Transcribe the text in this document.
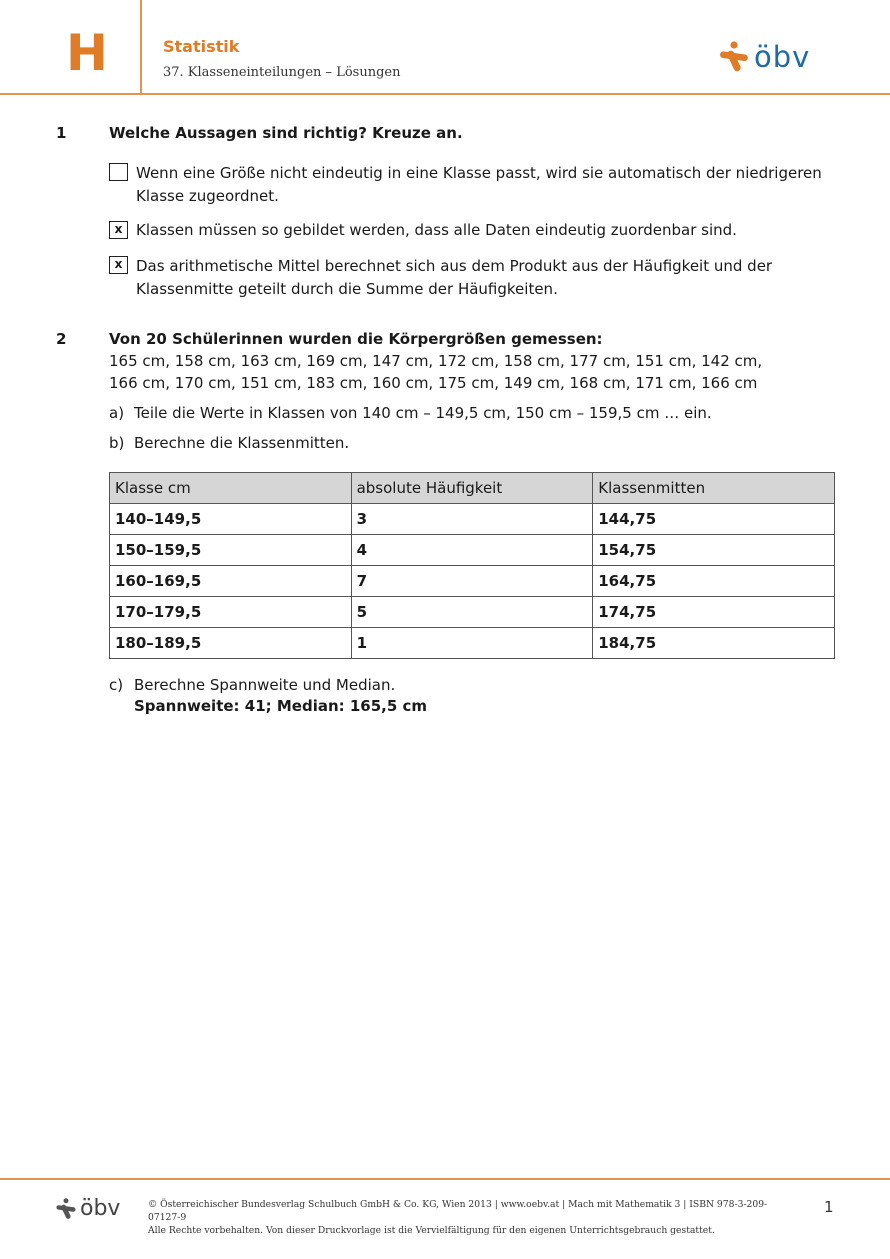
H	Statistik
37. Klasseneinteilungen – Lösungen	öbv
1	Welche Aussagen sind richtig? Kreuze an.
Wenn eine Größe nicht eindeutig in eine Klasse passt, wird sie automatisch der niedrigeren Klasse zugeordnet.
x Klassen müssen so gebildet werden, dass alle Daten eindeutig zuordenbar sind.
x Das arithmetische Mittel berechnet sich aus dem Produkt aus der Häufigkeit und der Klassenmitte geteilt durch die Summe der Häufigkeiten.
2	Von 20 Schülerinnen wurden die Körpergrößen gemessen:
165 cm, 158 cm, 163 cm, 169 cm, 147 cm, 172 cm, 158 cm, 177 cm, 151 cm, 142 cm,
166 cm, 170 cm, 151 cm, 183 cm, 160 cm, 175 cm, 149 cm, 168 cm, 171 cm, 166 cm
a) Teile die Werte in Klassen von 140 cm – 149,5 cm, 150 cm – 159,5 cm … ein.
b) Berechne die Klassenmitten.
Klasse cm	absolute Häufigkeit	Klassenmitten
140–149,5	3	144,75
150–159,5	4	154,75
160–169,5	7	164,75
170–179,5	5	174,75
180–189,5	1	184,75
c) Berechne Spannweite und Median.
Spannweite: 41; Median: 165,5 cm
öbv	© Österreichischer Bundesverlag Schulbuch GmbH & Co. KG, Wien 2013 | www.oebv.at | Mach mit Mathematik 3 | ISBN 978-3-209-07127-9
Alle Rechte vorbehalten. Von dieser Druckvorlage ist die Vervielfältigung für den eigenen Unterrichtsgebrauch gestattet.
1
